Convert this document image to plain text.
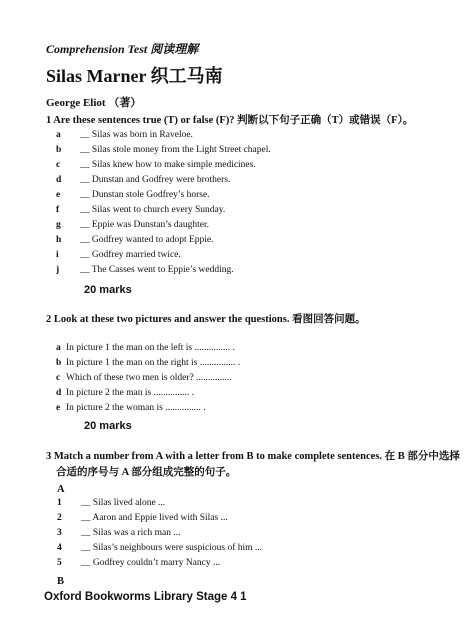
Comprehension Test 阅读理解
Silas Marner 织工马南
George Eliot （著）
1 Are these sentences true (T) or false (F)? 判断以下句子正确（T）或错误（F）。
a __ Silas was born in Raveloe.
b __ Silas stole money from the Light Street chapel.
c __ Silas knew how to make simple medicines.
d __ Dunstan and Godfrey were brothers.
e __ Dunstan stole Godfrey’s horse.
f __ Silas went to church every Sunday.
g __ Eppie was Dunstan’s daughter.
h __ Godfrey wanted to adopt Eppie.
i __ Godfrey married twice.
j __ The Casses went to Eppie’s wedding.
20 marks
2 Look at these two pictures and answer the questions. 看图回答问题。
a In picture 1 the man on the left is ............... .
b In picture 1 the man on the right is ............... .
c Which of these two men is older? ...............
d In picture 2 the man is ............... .
e In picture 2 the woman is ............... .
20 marks
3 Match a number from A with a letter from B to make complete sentences. 在 B 部分中选择
合适的序号与 A 部分组成完整的句子。
A
1 __ Silas lived alone ...
2 __ Aaron and Eppie lived with Silas ...
3 __ Silas was a rich man ...
4 __ Silas’s neighbours were suspicious of him ...
5 __ Godfrey couldn’t marry Nancy ...
B
Oxford Bookworms Library Stage 4 1
